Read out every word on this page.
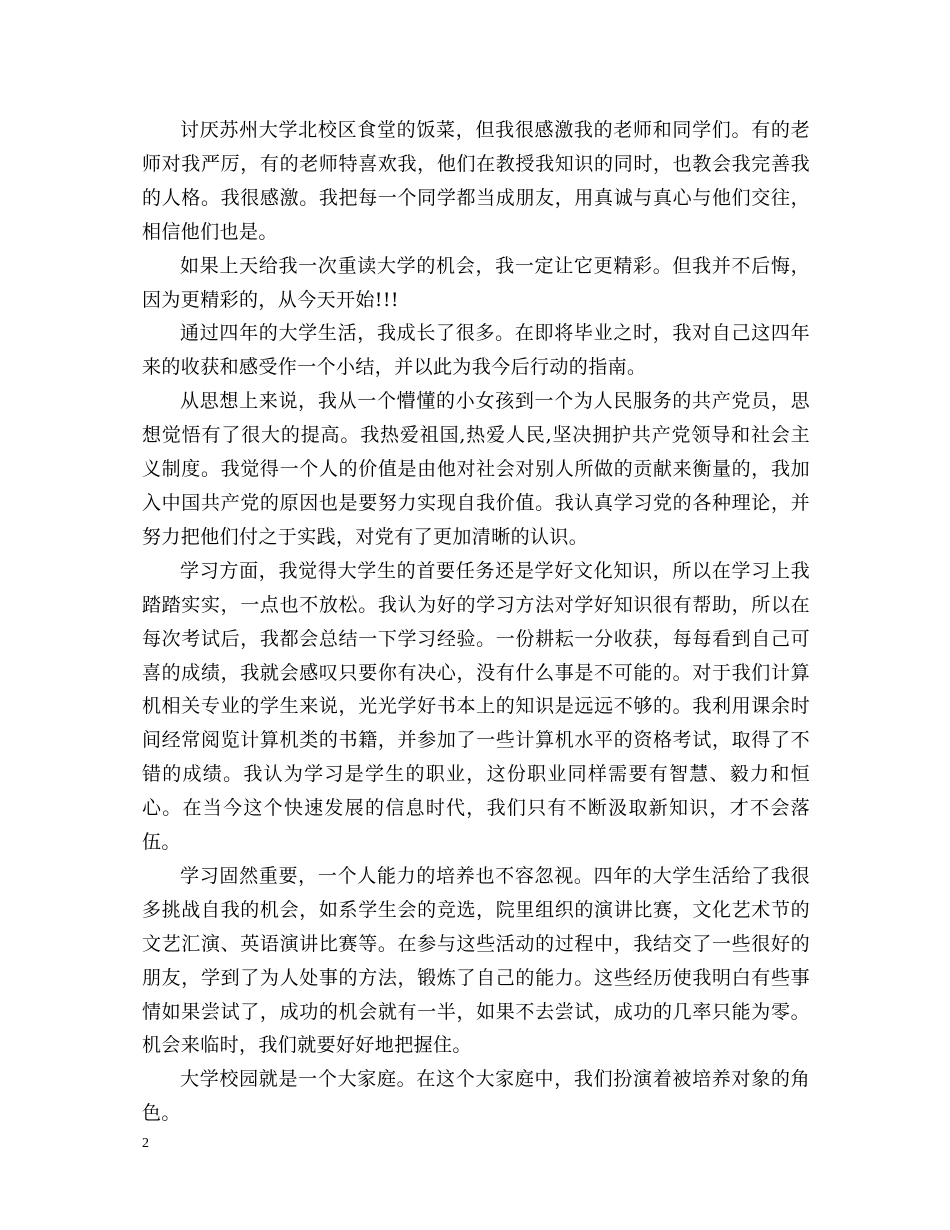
讨厌苏州大学北校区食堂的饭菜，但我很感激我的老师和同学们。有的老师对我严厉，有的老师特喜欢我，他们在教授我知识的同时，也教会我完善我的人格。我很感激。我把每一个同学都当成朋友，用真诚与真心与他们交往，相信他们也是。

如果上天给我一次重读大学的机会，我一定让它更精彩。但我并不后悔，因为更精彩的，从今天开始!!!

通过四年的大学生活，我成长了很多。在即将毕业之时，我对自己这四年来的收获和感受作一个小结，并以此为我今后行动的指南。

从思想上来说，我从一个懵懂的小女孩到一个为人民服务的共产党员，思想觉悟有了很大的提高。我热爱祖国,热爱人民,坚决拥护共产党领导和社会主义制度。我觉得一个人的价值是由他对社会对别人所做的贡献来衡量的，我加入中国共产党的原因也是要努力实现自我价值。我认真学习党的各种理论，并努力把他们付之于实践，对党有了更加清晰的认识。

学习方面，我觉得大学生的首要任务还是学好文化知识，所以在学习上我踏踏实实，一点也不放松。我认为好的学习方法对学好知识很有帮助，所以在每次考试后，我都会总结一下学习经验。一份耕耘一分收获，每每看到自己可喜的成绩，我就会感叹只要你有决心，没有什么事是不可能的。对于我们计算机相关专业的学生来说，光光学好书本上的知识是远远不够的。我利用课余时间经常阅览计算机类的书籍，并参加了一些计算机水平的资格考试，取得了不错的成绩。我认为学习是学生的职业，这份职业同样需要有智慧、毅力和恒心。在当今这个快速发展的信息时代，我们只有不断汲取新知识，才不会落伍。

学习固然重要，一个人能力的培养也不容忽视。四年的大学生活给了我很多挑战自我的机会，如系学生会的竞选，院里组织的演讲比赛，文化艺术节的文艺汇演、英语演讲比赛等。在参与这些活动的过程中，我结交了一些很好的朋友，学到了为人处事的方法，锻炼了自己的能力。这些经历使我明白有些事情如果尝试了，成功的机会就有一半，如果不去尝试，成功的几率只能为零。机会来临时，我们就要好好地把握住。

大学校园就是一个大家庭。在这个大家庭中，我们扮演着被培养对象的角色。

2
